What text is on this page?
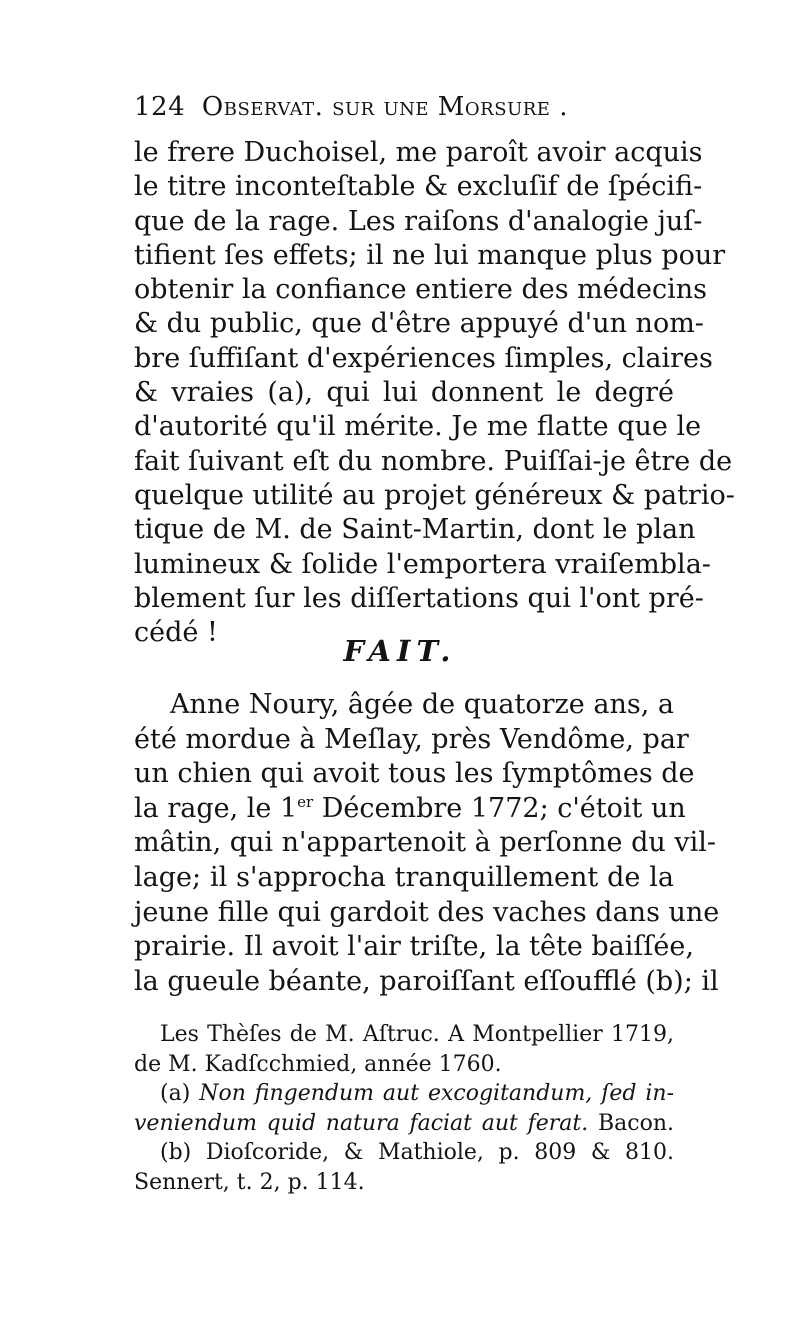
124 Observat. sur une Morsure .
le frere Duchoisel, me paroît avoir acquis
le titre inconteſtable & excluſif de ſpécifi-
que de la rage. Les raiſons d'analogie juſ-
tifient ſes effets; il ne lui manque plus pour
obtenir la confiance entiere des médecins
& du public, que d'être appuyé d'un nom-
bre ſuffiſant d'expériences ſimples, claires
& vraies (a), qui lui donnent le degré
d'autorité qu'il mérite. Je me flatte que le
fait ſuivant eſt du nombre. Puiſſai-je être de
quelque utilité au projet généreux & patrio-
tique de M. de Saint-Martin, dont le plan
lumineux & ſolide l'emportera vraiſembla-
blement ſur les diſſertations qui l'ont pré-
cédé !
FAIT.
Anne Noury, âgée de quatorze ans, a
été mordue à Meſlay, près Vendôme, par
un chien qui avoit tous les ſymptômes de
la rage, le 1er Décembre 1772; c'étoit un
mâtin, qui n'appartenoit à perſonne du vil-
lage; il s'approcha tranquillement de la
jeune fille qui gardoit des vaches dans une
prairie. Il avoit l'air triſte, la tête baiſſée,
la gueule béante, paroiſſant eſſoufflé (b); il
Les Thèſes de M. Aſtruc. A Montpellier 1719,
de M. Kadſcchmied, année 1760.
(a) Non fingendum aut excogitandum, ſed in-
veniendum quid natura faciat aut ferat. Bacon.
(b) Dioſcoride, & Mathiole, p. 809 & 810.
Sennert, t. 2, p. 114.
